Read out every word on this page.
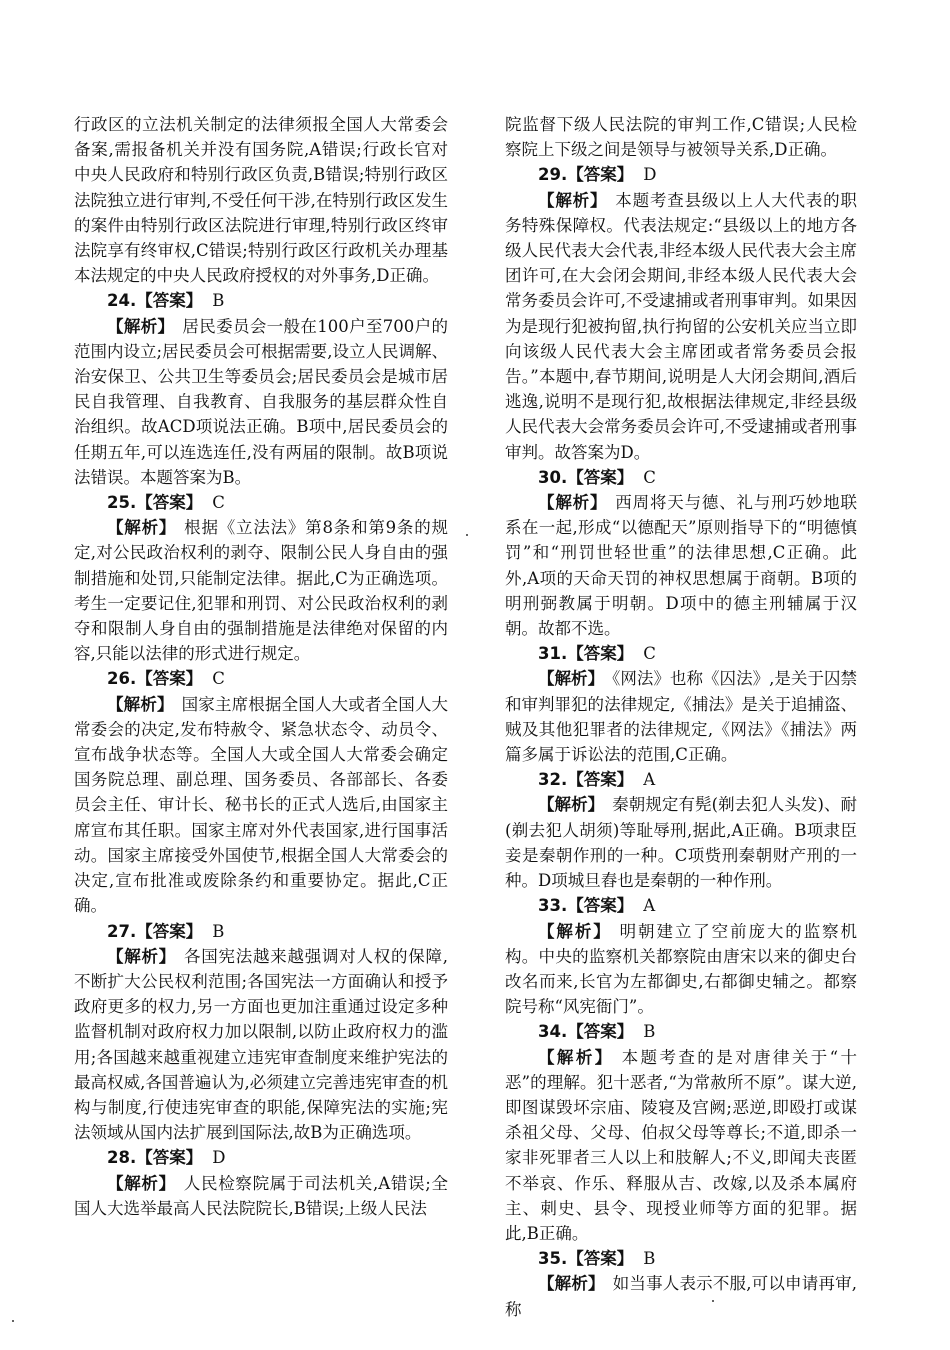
行政区的立法机关制定的法律须报全国人大常委会备案,需报备机关并没有国务院,A错误;行政长官对中央人民政府和特别行政区负责,B错误;特别行政区法院独立进行审判,不受任何干涉,在特别行政区发生的案件由特别行政区法院进行审理,特别行政区终审法院享有终审权,C错误;特别行政区行政机关办理基本法规定的中央人民政府授权的对外事务,D正确。

24.【答案】 B

【解析】 居民委员会一般在100户至700户的范围内设立;居民委员会可根据需要,设立人民调解、治安保卫、公共卫生等委员会;居民委员会是城市居民自我管理、自我教育、自我服务的基层群众性自治组织。故ACD项说法正确。B项中,居民委员会的任期五年,可以连选连任,没有两届的限制。故B项说法错误。本题答案为B。

25.【答案】 C

【解析】 根据《立法法》第8条和第9条的规定,对公民政治权利的剥夺、限制公民人身自由的强制措施和处罚,只能制定法律。据此,C为正确选项。考生一定要记住,犯罪和刑罚、对公民政治权利的剥夺和限制人身自由的强制措施是法律绝对保留的内容,只能以法律的形式进行规定。

26.【答案】 C

【解析】 国家主席根据全国人大或者全国人大常委会的决定,发布特赦令、紧急状态令、动员令、宣布战争状态等。全国人大或全国人大常委会确定国务院总理、副总理、国务委员、各部部长、各委员会主任、审计长、秘书长的正式人选后,由国家主席宣布其任职。国家主席对外代表国家,进行国事活动。国家主席接受外国使节,根据全国人大常委会的决定,宣布批准或废除条约和重要协定。据此,C正确。

27.【答案】 B

【解析】 各国宪法越来越强调对人权的保障,不断扩大公民权利范围;各国宪法一方面确认和授予政府更多的权力,另一方面也更加注重通过设定多种监督机制对政府权力加以限制,以防止政府权力的滥用;各国越来越重视建立违宪审查制度来维护宪法的最高权威,各国普遍认为,必须建立完善违宪审查的机构与制度,行使违宪审查的职能,保障宪法的实施;宪法领域从国内法扩展到国际法,故B为正确选项。

28.【答案】 D

【解析】 人民检察院属于司法机关,A错误;全国人大选举最高人民法院院长,B错误;上级人民法

院监督下级人民法院的审判工作,C错误;人民检察院上下级之间是领导与被领导关系,D正确。

29.【答案】 D

【解析】 本题考查县级以上人大代表的职务特殊保障权。代表法规定:“县级以上的地方各级人民代表大会代表,非经本级人民代表大会主席团许可,在大会闭会期间,非经本级人民代表大会常务委员会许可,不受逮捕或者刑事审判。如果因为是现行犯被拘留,执行拘留的公安机关应当立即向该级人民代表大会主席团或者常务委员会报告。”本题中,春节期间,说明是人大闭会期间,酒后逃逸,说明不是现行犯,故根据法律规定,非经县级人民代表大会常务委员会许可,不受逮捕或者刑事审判。故答案为D。

30.【答案】 C

【解析】 西周将天与德、礼与刑巧妙地联系在一起,形成“以德配天”原则指导下的“明德慎罚”和“刑罚世轻世重”的法律思想,C正确。此外,A项的天命天罚的神权思想属于商朝。B项的明刑弼教属于明朝。D项中的德主刑辅属于汉朝。故都不选。

31.【答案】 C

【解析】 《网法》也称《囚法》,是关于囚禁和审判罪犯的法律规定,《捕法》是关于追捕盗、贼及其他犯罪者的法律规定,《网法》《捕法》两篇多属于诉讼法的范围,C正确。

32.【答案】 A

【解析】 秦朝规定有髡(剃去犯人头发)、耐(剃去犯人胡须)等耻辱刑,据此,A正确。B项隶臣妾是秦朝作刑的一种。C项赀刑秦朝财产刑的一种。D项城旦舂也是秦朝的一种作刑。

33.【答案】 A

【解析】 明朝建立了空前庞大的监察机构。中央的监察机关都察院由唐宋以来的御史台改名而来,长官为左都御史,右都御史辅之。都察院号称“风宪衙门”。

34.【答案】 B

【解析】 本题考查的是对唐律关于“十恶”的理解。犯十恶者,“为常赦所不原”。谋大逆,即图谋毁坏宗庙、陵寝及宫阙;恶逆,即殴打或谋杀祖父母、父母、伯叔父母等尊长;不道,即杀一家非死罪者三人以上和肢解人;不义,即闻夫丧匿不举哀、作乐、释服从吉、改嫁,以及杀本属府主、刺史、县令、现授业师等方面的犯罪。据此,B正确。

35.【答案】 B

【解析】 如当事人表示不服,可以申请再审,称
